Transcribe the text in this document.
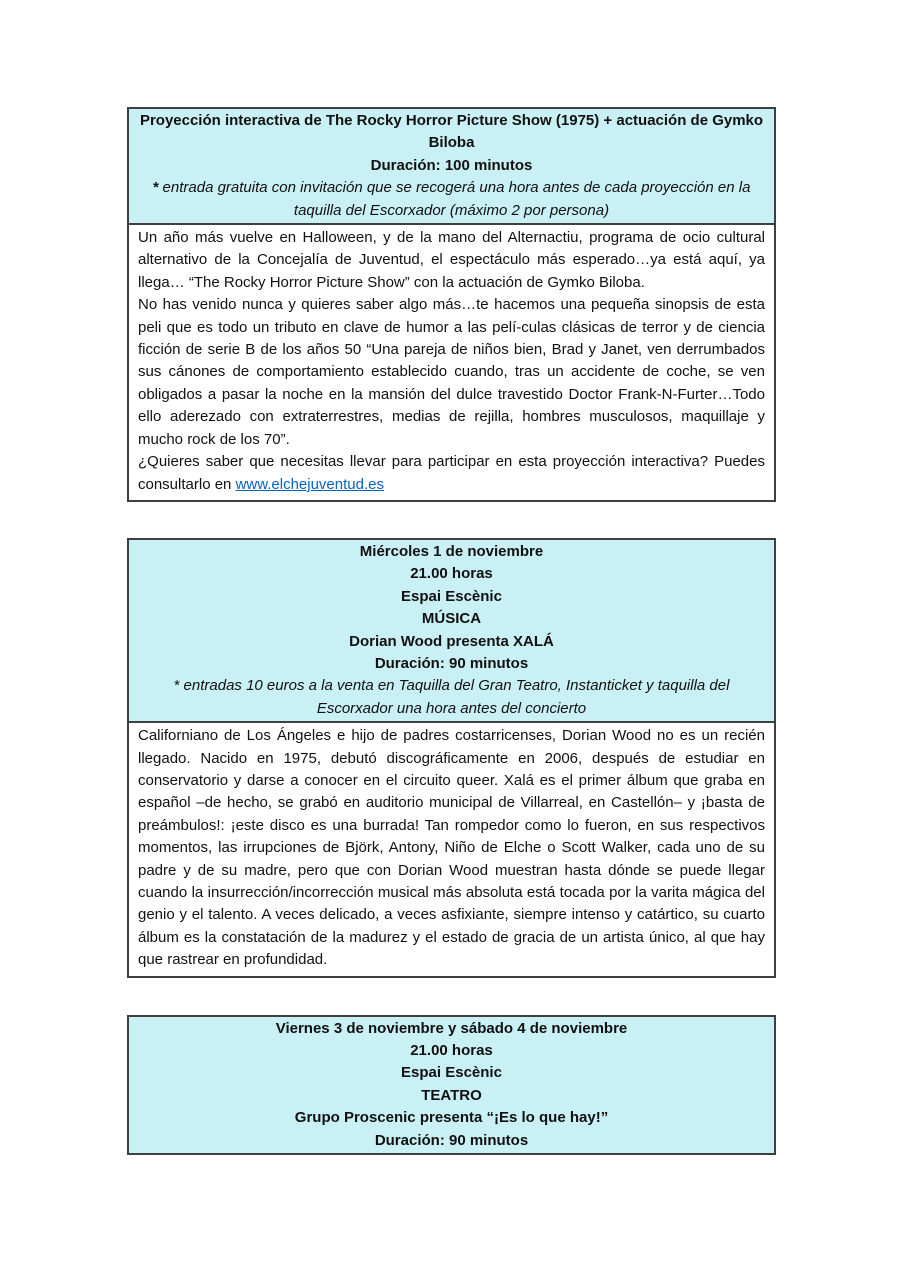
Proyección interactiva de The Rocky Horror Picture Show (1975) + actuación de Gymko Biloba
Duración: 100 minutos
* entrada gratuita con invitación que se recogerá una hora antes de cada proyección en la taquilla del Escorxador (máximo 2 por persona)

Un año más vuelve en Halloween, y de la mano del Alternactiu, programa de ocio cultural alternativo de la Concejalía de Juventud, el espectáculo más esperado…ya está aquí, ya llega… “The Rocky Horror Picture Show” con la actuación de Gymko Biloba.

No has venido nunca y quieres saber algo más…te hacemos una pequeña sinopsis de esta peli que es todo un tributo en clave de humor a las pelí-culas clásicas de terror y de ciencia ficción de serie B de los años 50 “Una pareja de niños bien, Brad y Janet, ven derrumbados sus cánones de comportamiento establecido cuando, tras un accidente de coche, se ven obligados a pasar la noche en la mansión del dulce travestido Doctor Frank-N-Furter…Todo ello aderezado con extraterrestres, medias de rejilla, hombres musculosos, maquillaje y mucho rock de los 70”.

¿Quieres saber que necesitas llevar para participar en esta proyección interactiva? Puedes consultarlo en www.elchejuventud.es

Miércoles 1 de noviembre
21.00 horas
Espai Escènic
MÚSICA
Dorian Wood presenta XALÁ
Duración: 90 minutos
* entradas 10 euros a la venta en Taquilla del Gran Teatro, Instanticket y taquilla del Escorxador una hora antes del concierto

Californiano de Los Ángeles e hijo de padres costarricenses, Dorian Wood no es un recién llegado. Nacido en 1975, debutó discográficamente en 2006, después de estudiar en conservatorio y darse a conocer en el circuito queer. Xalá es el primer álbum que graba en español –de hecho, se grabó en auditorio municipal de Villarreal, en Castellón– y ¡basta de preámbulos!: ¡este disco es una burrada! Tan rompedor como lo fueron, en sus respectivos momentos, las irrupciones de Björk, Antony, Niño de Elche o Scott Walker, cada uno de su padre y de su madre, pero que con Dorian Wood muestran hasta dónde se puede llegar cuando la insurrección/incorrección musical más absoluta está tocada por la varita mágica del genio y el talento. A veces delicado, a veces asfixiante, siempre intenso y catártico, su cuarto álbum es la constatación de la madurez y el estado de gracia de un artista único, al que hay que rastrear en profundidad.

Viernes 3 de noviembre y sábado 4 de noviembre
21.00 horas
Espai Escènic
TEATRO
Grupo Proscenic presenta “¡Es lo que hay!”
Duración: 90 minutos
